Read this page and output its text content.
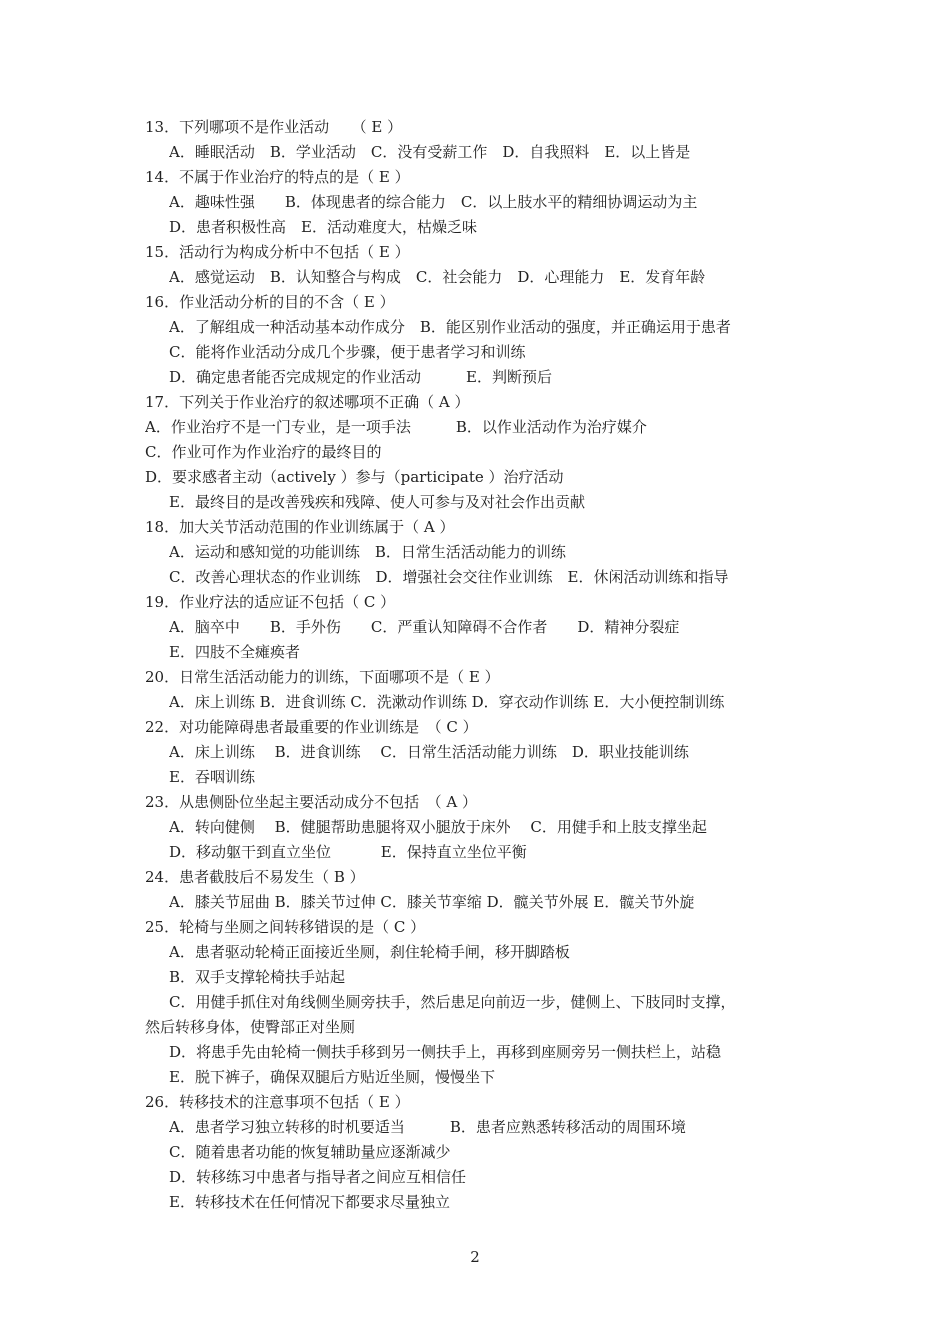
13．下列哪项不是作业活动　　（ E ）
A．睡眠活动　B．学业活动　C．没有受薪工作　D．自我照料　E．以上皆是
14．不属于作业治疗的特点的是（ E ）
A．趣味性强　　B．体现患者的综合能力　C．以上肢水平的精细协调运动为主
D．患者积极性高　E．活动难度大，枯燥乏味
15．活动行为构成分析中不包括（ E ）
A．感觉运动　B．认知整合与构成　C．社会能力　D．心理能力　E．发育年龄
16．作业活动分析的目的不含（ E ）
A．了解组成一种活动基本动作成分　B．能区别作业活动的强度，并正确运用于患者
C．能将作业活动分成几个步骤，便于患者学习和训练
D．确定患者能否完成规定的作业活动　　　E．判断预后
17．下列关于作业治疗的叙述哪项不正确（ A ）
A．作业治疗不是一门专业，是一项手法　　　B．以作业活动作为治疗媒介
C．作业可作为作业治疗的最终目的
D．要求感者主动（actively ）参与（participate ）治疗活动
E．最终目的是改善残疾和残障、使人可参与及对社会作出贡献
18．加大关节活动范围的作业训练属于（ A ）
A．运动和感知觉的功能训练　B．日常生活活动能力的训练
C．改善心理状态的作业训练　D．增强社会交往作业训练　E．休闲活动训练和指导
19．作业疗法的适应证不包括（ C ）
A．脑卒中　　B．手外伤　　C．严重认知障碍不合作者　　D．精神分裂症
E．四肢不全瘫痪者
20．日常生活活动能力的训练，下面哪项不是（ E ）
A．床上训练 B．进食训练 C．洗漱动作训练 D．穿衣动作训练 E．大小便控制训练
22．对功能障碍患者最重要的作业训练是　（ C ）
A．床上训练　 B．进食训练　 C．日常生活活动能力训练　D．职业技能训练
E．吞咽训练
23．从患侧卧位坐起主要活动成分不包括　（ A ）
A．转向健侧　 B．健腿帮助患腿将双小腿放于床外　 C．用健手和上肢支撑坐起
D．移动躯干到直立坐位　　　 E．保持直立坐位平衡
24．患者截肢后不易发生（ B ）
A．膝关节屈曲 B．膝关节过伸 C．膝关节挛缩 D．髋关节外展 E．髋关节外旋
25．轮椅与坐厕之间转移错误的是（ C ）
A．患者驱动轮椅正面接近坐厕，刹住轮椅手闸，移开脚踏板
B．双手支撑轮椅扶手站起
C．用健手抓住对角线侧坐厕旁扶手，然后患足向前迈一步，健侧上、下肢同时支撑，
然后转移身体，使臀部正对坐厕
D．将患手先由轮椅一侧扶手移到另一侧扶手上，再移到座厕旁另一侧扶栏上，站稳
E．脱下裤子，确保双腿后方贴近坐厕，慢慢坐下
26．转移技术的注意事项不包括（ E ）
A．患者学习独立转移的时机要适当　　　B．患者应熟悉转移活动的周围环境
C．随着患者功能的恢复辅助量应逐渐减少
D．转移练习中患者与指导者之间应互相信任
E．转移技术在任何情况下都要求尽量独立
2
